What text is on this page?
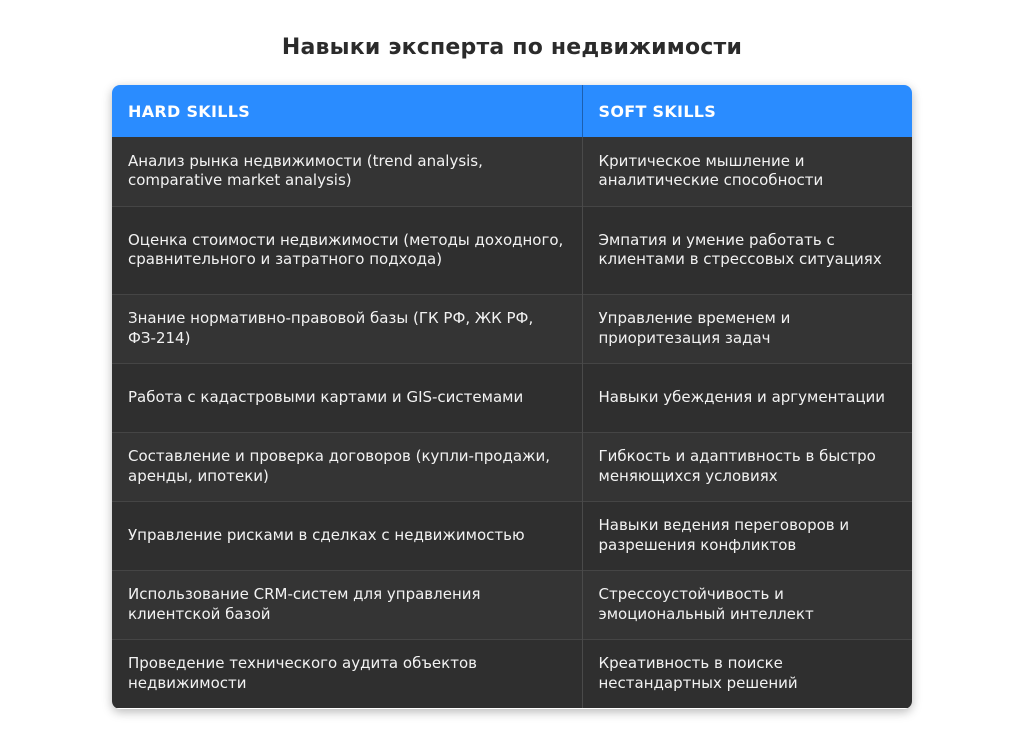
Навыки эксперта по недвижимости
HARD SKILLS	SOFT SKILLS
Анализ рынка недвижимости (trend analysis, comparative market analysis)	Критическое мышление и аналитические способности
Оценка стоимости недвижимости (методы доходного, сравнительного и затратного подхода)	Эмпатия и умение работать с клиентами в стрессовых ситуациях
Знание нормативно-правовой базы (ГК РФ, ЖК РФ, ФЗ-214)	Управление временем и приоритезация задач
Работа с кадастровыми картами и GIS-системами	Навыки убеждения и аргументации
Составление и проверка договоров (купли-продажи, аренды, ипотеки)	Гибкость и адаптивность в быстро меняющихся условиях
Управление рисками в сделках с недвижимостью	Навыки ведения переговоров и разрешения конфликтов
Использование CRM-систем для управления клиентской базой	Стрессоустойчивость и эмоциональный интеллект
Проведение технического аудита объектов недвижимости	Креативность в поиске нестандартных решений
